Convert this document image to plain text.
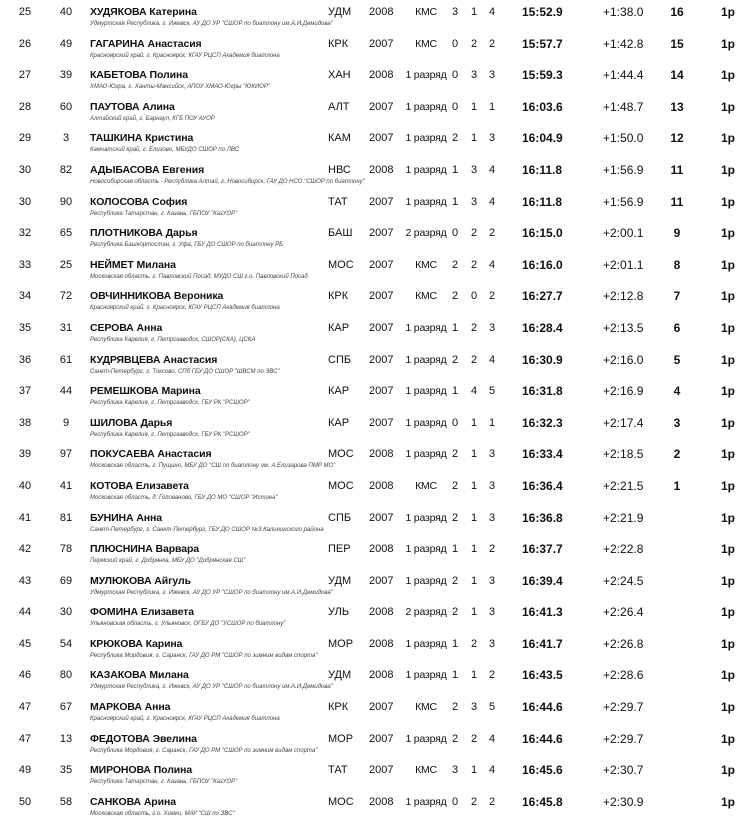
25	40	ХУДЯКОВА Катерина	УДМ 2008	КМС	3 1 4 15:52.9	+1:38.0	16	1р
Удмуртская Республика, г. Ижевск, АУ ДО УР "СШОР по биатлону им.А.И.Демидова"
26	49	ГАГАРИНА Анастасия	КРК 2007	КМС	0 2 2 15:57.7	+1:42.8	15	1р
Красноярский край, г. Красноярск, КГАУ РЦСП Академия биатлона
27	39	КАБЕТОВА Полина	ХАН 2008	1 разряд 0 3 3 15:59.3	+1:44.4	14	1р
ХМАО-Югра, г. Ханты-Мансийск, АПОУ ХМАО-Югры "ЮКИОР"
28	60	ПАУТОВА Алина	АЛТ 2007	1 разряд 0 1 1 16:03.6	+1:48.7	13	1р
Алтайский край, г. Барнаул, КГБ ПОУ АУОР
29	3	ТАШКИНА Кристина	КАМ 2007	1 разряд 2 1 3 16:04.9	+1:50.0	12	1р
Камчатский край, г. Елизово, МБУДО СШОР по ЛВС
30	82	АДЫБАСОВА Евгения	НВС 2008	1 разряд 1 3 4 16:11.8	+1:56.9	11	1р
Новосибирская область - Республика Алтай, г. Новосибирск, ГАУ ДО НСО "СШОР по биатлону"
30	90	КОЛОСОВА София	ТАТ 2007	1 разряд 1 3 4 16:11.8	+1:56.9	11	1р
Республика Татарстан, г. Казань, ГБПОУ "КазУОР"
32	65	ПЛОТНИКОВА Дарья	БАШ 2007	2 разряд 0 2 2 16:15.0	+2:00.1	9	1р
Республика Башкортостан, г. Уфа, ГБУ ДО СШОР по биатлону РБ
33	25	НЕЙМЕТ Милана	МОС 2007	КМС	2 2 4 16:16.0	+2:01.1	8	1р
Московская область, г. Павловский Посад, МУДО СШ г.о. Павловский Посад
34	72	ОВЧИННИКОВА Вероника	КРК 2007	КМС	2 0 2 16:27.7	+2:12.8	7	1р
Красноярский край, г. Красноярск, КГАУ РЦСП Академия биатлона
35	31	СЕРОВА Анна	КАР 2007	1 разряд 1 2 3 16:28.4	+2:13.5	6	1р
Республика Карелия, г. Петрозаводск, СШОР(СКА), ЦСКА
36	61	КУДРЯВЦЕВА Анастасия	СПБ 2007	1 разряд 2 2 4 16:30.9	+2:16.0	5	1р
Санкт-Петербург, г. Токсово, СПб ГБУ ДО СШОР "ШВСМ по ЗВС"
37	44	РЕМЕШКОВА Марина	КАР 2007	1 разряд 1 4 5 16:31.8	+2:16.9	4	1р
Республика Карелия, г. Петрозаводск, ГБУ РК "РСШОР"
38	9	ШИЛОВА Дарья	КАР 2007	1 разряд 0 1 1 16:32.3	+2:17.4	3	1р
Республика Карелия, г. Петрозаводск, ГБУ РК "РСШОР"
39	97	ПОКУСАЕВА Анастасия	МОС 2008	1 разряд 2 1 3 16:33.4	+2:18.5	2	1р
Московская область, г. Пущино, МБУ ДО "СШ по биатлону им. А.Елизарова ПМР МО"
40	41	КОТОВА Елизавета	МОС 2008	КМС	2 1 3 16:36.4	+2:21.5	1	1р
Московская область, д. Голованово, ГБУ ДО МО "СШОР "Истина"
41	81	БУНИНА Анна	СПБ 2007	1 разряд 2 1 3 16:36.8	+2:21.9	1р
Санкт-Петербург, г. Санкт-Петербург, ГБУ ДО СШОР №3 Калининского района
42	78	ПЛЮСНИНА Варвара	ПЕР 2008	1 разряд 1 1 2 16:37.7	+2:22.8	1р
Пермский край, г. Добрянка, МБУ ДО "Добрянская СШ"
43	69	МУЛЮКОВА Айгуль	УДМ 2007	1 разряд 2 1 3 16:39.4	+2:24.5	1р
Удмуртская Республика, г. Ижевск, АУ ДО УР "СШОР по биатлону им.А.И.Демидова"
44	30	ФОМИНА Елизавета	УЛЬ 2008	2 разряд 2 1 3 16:41.3	+2:26.4	1р
Ульяновская область, г. Ульяновск, ОГБУ ДО "УСШОР по биатлону"
45	54	КРЮКОВА Карина	МОР 2008	1 разряд 1 2 3 16:41.7	+2:26.8	1р
Республика Мордовия, г. Саранск, ГАУ ДО РМ "СШОР по зимним видам спорта"
46	80	КАЗАКОВА Милана	УДМ 2008	1 разряд 1 1 2 16:43.5	+2:28.6	1р
Удмуртская Республика, г. Ижевск, АУ ДО УР "СШОР по биатлону им.А.И.Демидова"
47	67	МАРКОВА Анна	КРК 2007	КМС	2 3 5 16:44.6	+2:29.7	1р
Красноярский край, г. Красноярск, КГАУ РЦСП Академия биатлона
47	13	ФЕДОТОВА Эвелина	МОР 2007	1 разряд 2 2 4 16:44.6	+2:29.7	1р
Республика Мордовия, г. Саранск, ГАУ ДО РМ "СШОР по зимним видам спорта"
49	35	МИРОНОВА Полина	ТАТ 2007	КМС	3 1 4 16:45.6	+2:30.7	1р
Республика Татарстан, г. Казань, ГБПОУ "КазУОР"
50	58	САНКОВА Арина	МОС 2008	1 разряд 0 2 2 16:45.8	+2:30.9	1р
Московская область, г.о. Химки, МАУ "СШ по ЗВС"
